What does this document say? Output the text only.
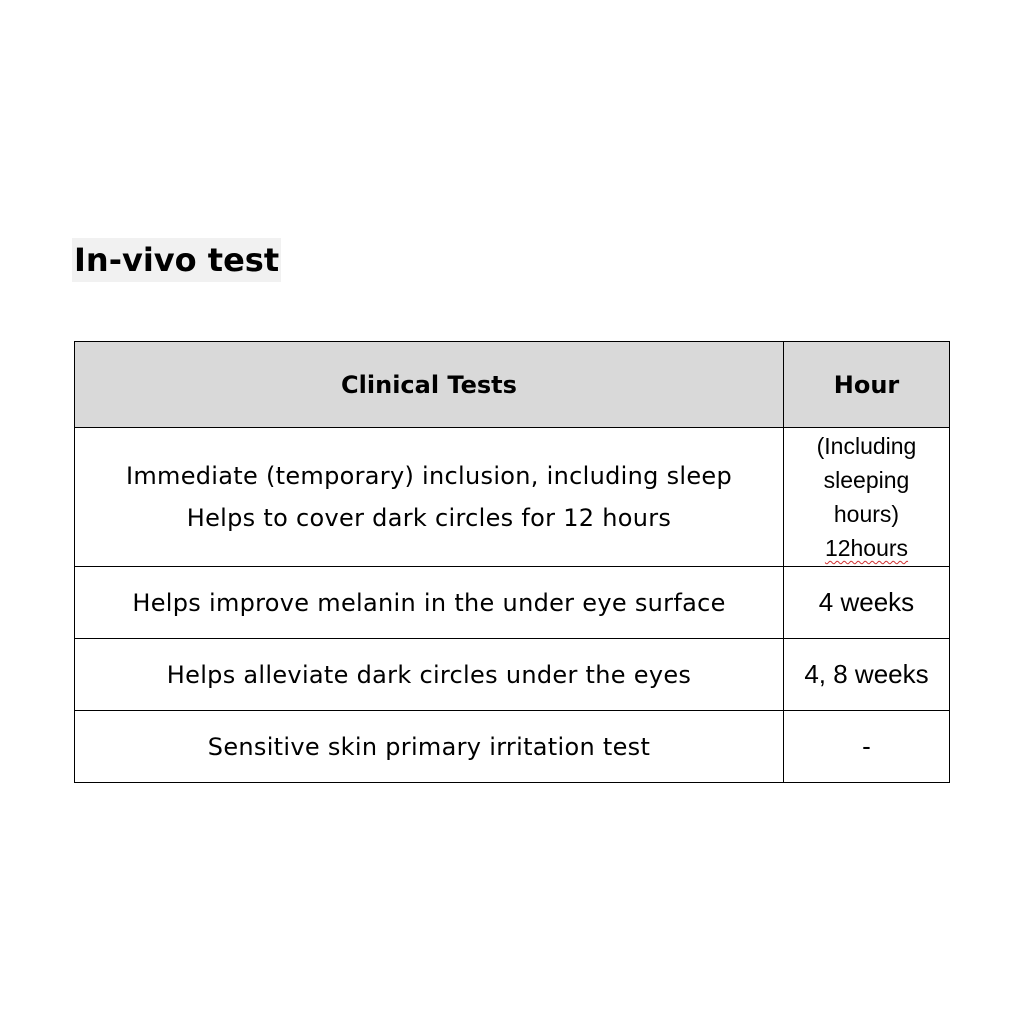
In-vivo test
Clinical Tests	Hour

Immediate (temporary) inclusion, including sleep
Helps to cover dark circles for 12 hours	(Including
sleeping
hours)
12hours

Helps improve melanin in the under eye surface	4 weeks
Helps alleviate dark circles under the eyes	4, 8 weeks
Sensitive skin primary irritation test	-
